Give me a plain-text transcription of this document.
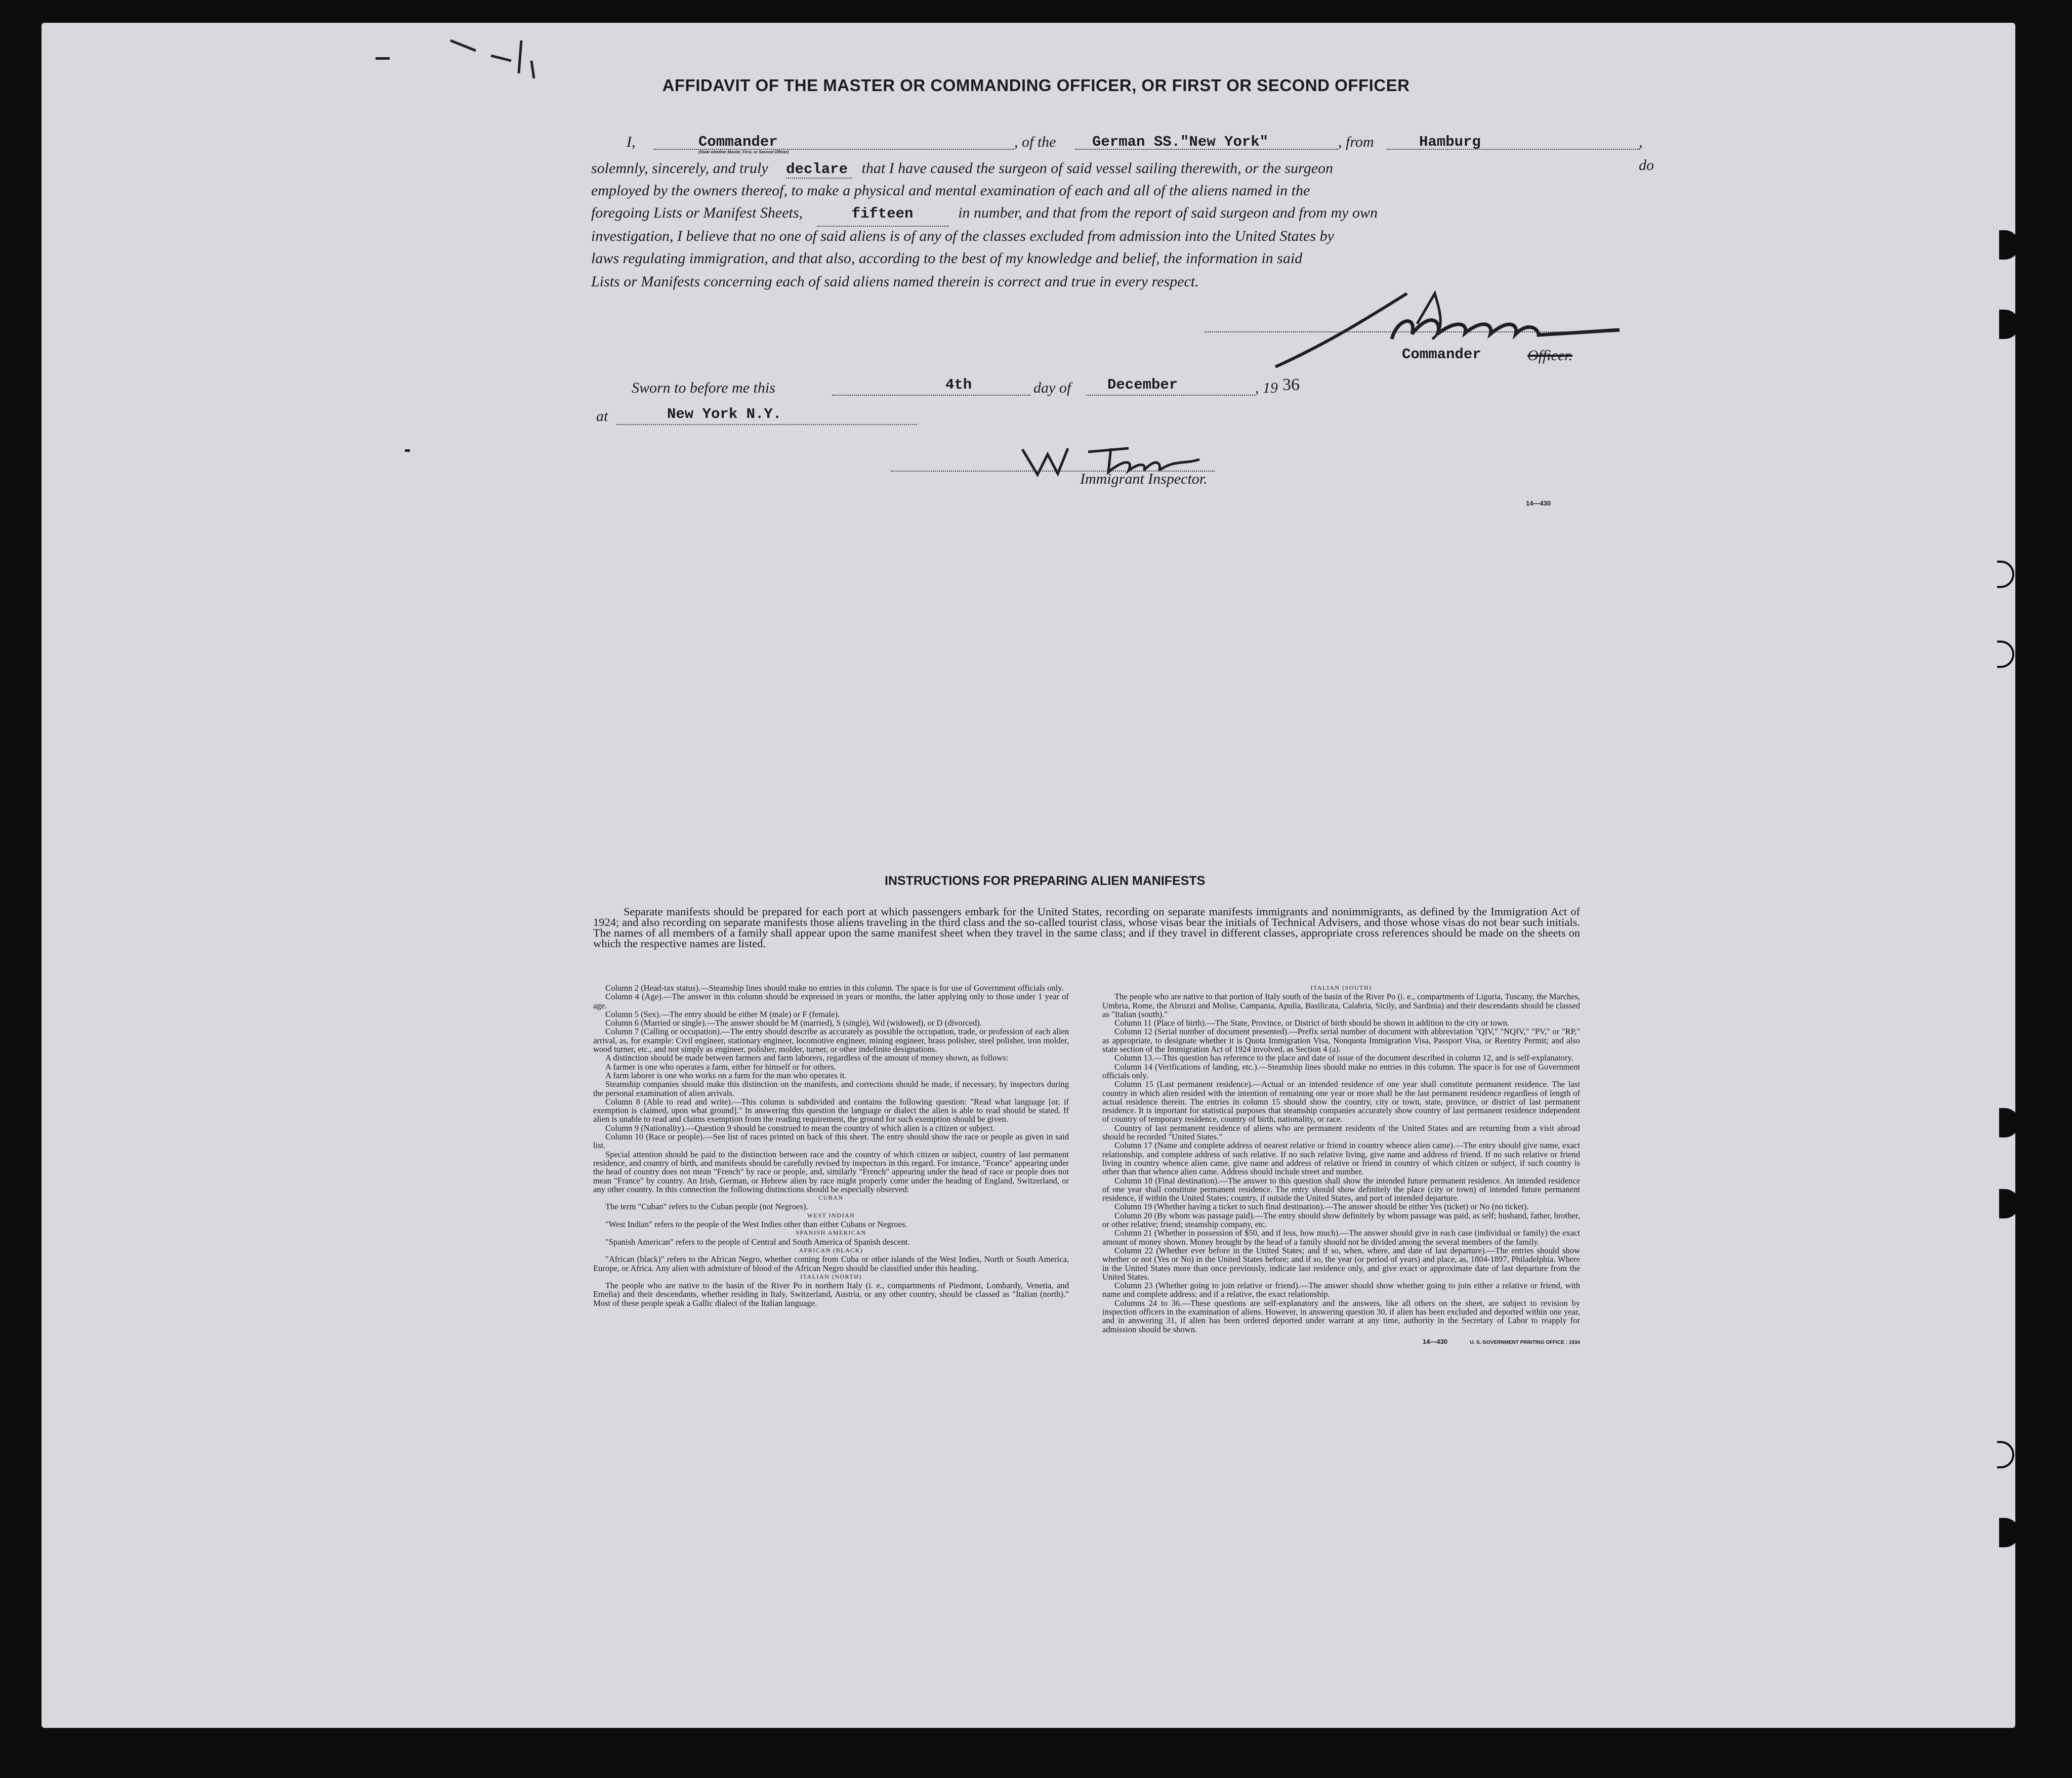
AFFIDAVIT OF THE MASTER OR COMMANDING OFFICER, OR FIRST OR SECOND OFFICER
I,	Commander
(State whether Master, First, or Second Officer)
, of the German SS."New York"	, from	Hamburg	, do
solemnly, sincerely, and truly declare that I have caused the surgeon of said vessel sailing therewith, or the surgeon
employed by the owners thereof, to make a physical and mental examination of each and all of the aliens named in the
foregoing Lists or Manifest Sheets,	fifteen	in number, and that from the report of said surgeon and from my own
investigation, I believe that no one of said aliens is of any of the classes excluded from admission into the United States by
laws regulating immigration, and that also, according to the best of my knowledge and belief, the information in said
Lists or Manifests concerning each of said aliens named therein is correct and true in every respect.
Commander	Officer.
Sworn to before me this	4th	day of December	, 19 36
at	New York N.Y.
Immigrant Inspector.
14—430
INSTRUCTIONS FOR PREPARING ALIEN MANIFESTS
Separate manifests should be prepared for each port at which passengers embark for the United States, recording on separate manifests immigrants and nonimmigrants, as defined by the Immigration Act of 1924; and also recording on separate manifests those aliens traveling in the third class and the so-called tourist class, whose visas bear the initials of Technical Advisers, and those whose visas do not bear such initials. The names of all members of a family shall appear upon the same manifest sheet when they travel in the same class; and if they travel in different classes, appropriate cross references should be made on the sheets on which the respective names are listed.

Column 2 (Head-tax status).—Steamship lines should make no entries in this column. The space is for use of Government officials only.

Column 4 (Age).—The answer in this column should be expressed in years or months, the latter applying only to those under 1 year of age.

Column 5 (Sex).—The entry should be either M (male) or F (female).

Column 6 (Married or single).—The answer should be M (married), S (single), Wd (widowed), or D (divorced).

Column 7 (Calling or occupation).—The entry should describe as accurately as possible the occupation, trade, or profession of each alien arrival, as, for example: Civil engineer, stationary engineer, locomotive engineer, mining engineer, brass polisher, steel polisher, iron molder, wood turner, etc., and not simply as engineer, polisher, molder, turner, or other indefinite designations.

A distinction should be made between farmers and farm laborers, regardless of the amount of money shown, as follows:

A farmer is one who operates a farm, either for himself or for others.

A farm laborer is one who works on a farm for the man who operates it.

Steamship companies should make this distinction on the manifests, and corrections should be made, if necessary, by inspectors during the personal examination of alien arrivals.

Column 8 (Able to read and write).—This column is subdivided and contains the following question: "Read what language [or, if exemption is claimed, upon what ground]." In answering this question the language or dialect the alien is able to read should be stated. If alien is unable to read and claims exemption from the reading requirement, the ground for such exemption should be given.

Column 9 (Nationality).—Question 9 should be construed to mean the country of which alien is a citizen or subject.

Column 10 (Race or people).—See list of races printed on back of this sheet. The entry should show the race or people as given in said list.

Special attention should be paid to the distinction between race and the country of which citizen or subject, country of last permanent residence, and country of birth, and manifests should be carefully revised by inspectors in this regard. For instance, "France" appearing under the head of country does not mean "French" by race or people, and, similarly "French" appearing under the head of race or people does not mean "France" by country. An Irish, German, or Hebrew alien by race might properly come under the heading of England, Switzerland, or any other country. In this connection the following distinctions should be especially observed:

CUBAN

The term "Cuban" refers to the Cuban people (not Negroes).

WEST INDIAN

"West Indian" refers to the people of the West Indies other than either Cubans or Negroes.

SPANISH AMERICAN

"Spanish American" refers to the people of Central and South America of Spanish descent.

AFRICAN (BLACK)

"African (black)" refers to the African Negro, whether coming from Cuba or other islands of the West Indies, North or South America, Europe, or Africa. Any alien with admixture of blood of the African Negro should be classified under this heading.

ITALIAN (NORTH)

The people who are native to the basin of the River Po in northern Italy (i. e., compartments of Piedmont, Lombardy, Venetia, and Emelia) and their descendants, whether residing in Italy, Switzerland, Austria, or any other country, should be classed as "Italian (north)." Most of these people speak a Gallic dialect of the Italian language.

ITALIAN (SOUTH)

The people who are native to that portion of Italy south of the basin of the River Po (i. e., compartments of Liguria, Tuscany, the Marches, Umbria, Rome, the Abruzzi and Molise, Campania, Apulia, Basilicata, Calabria, Sicily, and Sardinia) and their descendants should be classed as "Italian (south)."

Column 11 (Place of birth).—The State, Province, or District of birth should be shown in addition to the city or town.

Column 12 (Serial number of document presented).—Prefix serial number of document with abbreviation "QIV," "NQIV," "PV," or "RP," as appropriate, to designate whether it is Quota Immigration Visa, Nonquota Immigration Visa, Passport Visa, or Reentry Permit; and also state section of the Immigration Act of 1924 involved, as Section 4 (a).

Column 13.—This question has reference to the place and date of issue of the document described in column 12, and is self-explanatory.

Column 14 (Verifications of landing, etc.).—Steamship lines should make no entries in this column. The space is for use of Government officials only.

Column 15 (Last permanent residence).—Actual or an intended residence of one year shall constitute permanent residence. The last country in which alien resided with the intention of remaining one year or more shall be the last permanent residence regardless of length of actual residence therein. The entries in column 15 should show the country, city or town, state, province, or district of last permanent residence. It is important for statistical purposes that steamship companies accurately show country of last permanent residence independent of country of temporary residence, country of birth, nationality, or race.

Country of last permanent residence of aliens who are permanent residents of the United States and are returning from a visit abroad should be recorded "United States."

Column 17 (Name and complete address of nearest relative or friend in country whence alien came).—The entry should give name, exact relationship, and complete address of such relative. If no such relative living, give name and address of friend. If no such relative or friend living in country whence alien came, give name and address of relative or friend in country of which citizen or subject, if such country is other than that whence alien came. Address should include street and number.

Column 18 (Final destination).—The answer to this question shall show the intended future permanent residence. An intended residence of one year shall constitute permanent residence. The entry should show definitely the place (city or town) of intended future permanent residence, if within the United States; country, if outside the United States, and port of intended departure.

Column 19 (Whether having a ticket to such final destination).—The answer should be either Yes (ticket) or No (no ticket).

Column 20 (By whom was passage paid).—The entry should show definitely by whom passage was paid, as self; husband, father, brother, or other relative; friend; steamship company, etc.

Column 21 (Whether in possession of $50, and if less, how much).—The answer should give in each case (individual or family) the exact amount of money shown. Money brought by the head of a family should not be divided among the several members of the family.

Column 22 (Whether ever before in the United States; and if so, when, where, and date of last departure).—The entries should show whether or not (Yes or No) in the United States before; and if so, the year (or period of years) and place, as, 1804-1897, Philadelphia. Where in the United States more than once previously, indicate last residence only, and give exact or approximate date of last departure from the United States.

Column 23 (Whether going to join relative or friend).—The answer should show whether going to join either a relative or friend, with name and complete address; and if a relative, the exact relationship.

Columns 24 to 36.—These questions are self-explanatory and the answers, like all others on the sheet, are subject to revision by inspection officers in the examination of aliens. However, in answering question 30, if alien has been excluded and deported within one year, and in answering 31, if alien has been ordered deported under warrant at any time, authority in the Secretary of Labor to reapply for admission should be shown.

14—430	U. S. GOVERNMENT PRINTING OFFICE : 1934
